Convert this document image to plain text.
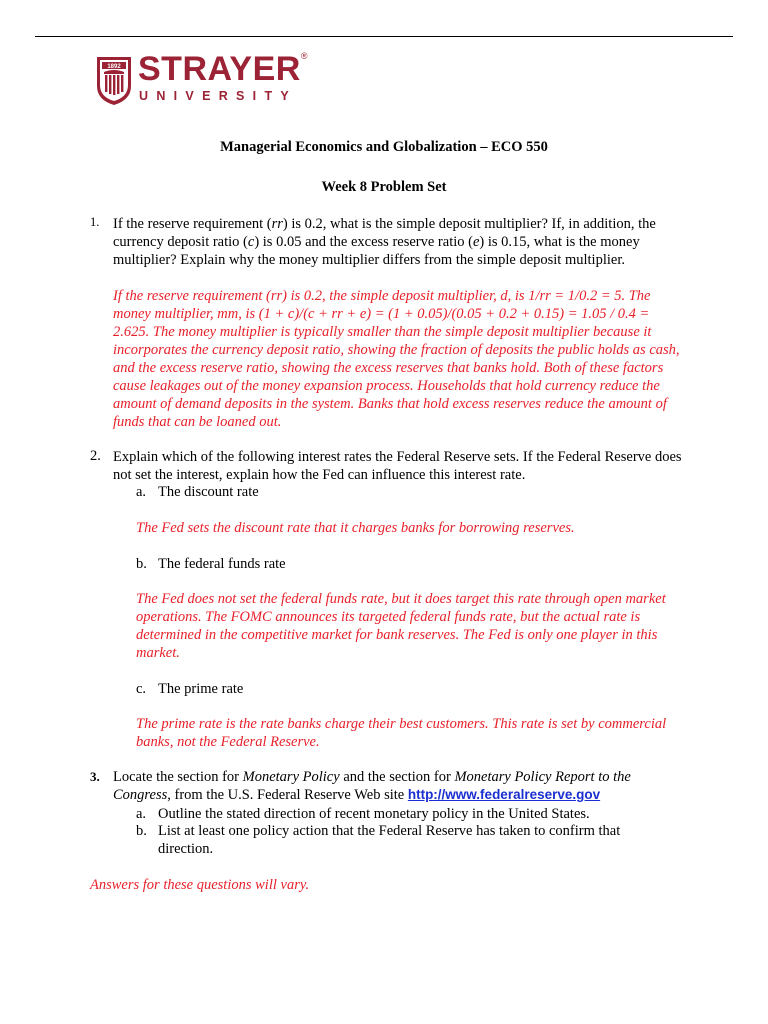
1892 STRAYER®
UNIVERSITY
Managerial Economics and Globalization – ECO 550
Week 8 Problem Set
1. If the reserve requirement (rr) is 0.2, what is the simple deposit multiplier? If, in addition, the currency deposit ratio (c) is 0.05 and the excess reserve ratio (e) is 0.15, what is the money multiplier? Explain why the money multiplier differs from the simple deposit multiplier.
If the reserve requirement (rr) is 0.2, the simple deposit multiplier, d, is 1/rr = 1/0.2 = 5. The money multiplier, mm, is (1 + c)/(c + rr + e) = (1 + 0.05)/(0.05 + 0.2 + 0.15) = 1.05 / 0.4 = 2.625. The money multiplier is typically smaller than the simple deposit multiplier because it incorporates the currency deposit ratio, showing the fraction of deposits the public holds as cash, and the excess reserve ratio, showing the excess reserves that banks hold. Both of these factors cause leakages out of the money expansion process. Households that hold currency reduce the amount of demand deposits in the system. Banks that hold excess reserves reduce the amount of funds that can be loaned out.
2. Explain which of the following interest rates the Federal Reserve sets. If the Federal Reserve does not set the interest, explain how the Fed can influence this interest rate.
a. The discount rate
The Fed sets the discount rate that it charges banks for borrowing reserves.
b. The federal funds rate
The Fed does not set the federal funds rate, but it does target this rate through open market operations. The FOMC announces its targeted federal funds rate, but the actual rate is determined in the competitive market for bank reserves. The Fed is only one player in this market.
c. The prime rate
The prime rate is the rate banks charge their best customers. This rate is set by commercial banks, not the Federal Reserve.
3. Locate the section for Monetary Policy and the section for Monetary Policy Report to the Congress, from the U.S. Federal Reserve Web site http://www.federalreserve.gov
a. Outline the stated direction of recent monetary policy in the United States.
b. List at least one policy action that the Federal Reserve has taken to confirm that direction.
Answers for these questions will vary.
